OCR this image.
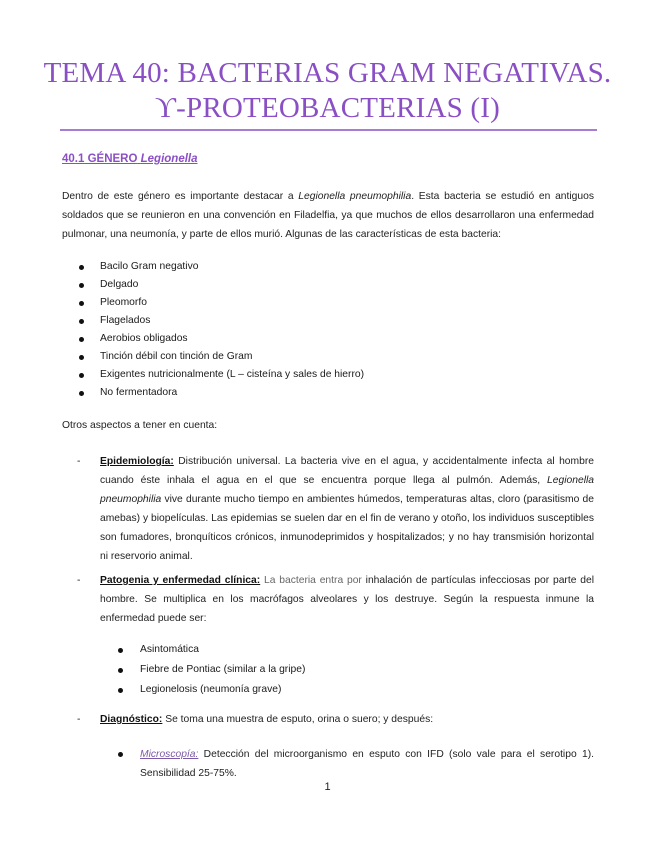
TEMA 40: BACTERIAS GRAM NEGATIVAS.
ϒ-PROTEOBACTERIAS (I)
40.1 GÉNERO Legionella
Dentro de este género es importante destacar a Legionella pneumophilia. Esta bacteria se estudió en antiguos soldados que se reunieron en una convención en Filadelfia, ya que muchos de ellos desarrollaron una enfermedad pulmonar, una neumonía, y parte de ellos murió. Algunas de las características de esta bacteria:
Bacilo Gram negativo
Delgado
Pleomorfo
Flagelados
Aerobios obligados
Tinción débil con tinción de Gram
Exigentes nutricionalmente (L – cisteína y sales de hierro)
No fermentadora
Otros aspectos a tener en cuenta:
- Epidemiología: Distribución universal. La bacteria vive en el agua, y accidentalmente infecta al hombre cuando éste inhala el agua en el que se encuentra porque llega al pulmón. Además, Legionella pneumophilia vive durante mucho tiempo en ambientes húmedos, temperaturas altas, cloro (parasitismo de amebas) y biopelículas. Las epidemias se suelen dar en el fin de verano y otoño, los individuos susceptibles son fumadores, bronquíticos crónicos, inmunodeprimidos y hospitalizados; y no hay transmisión horizontal ni reservorio animal.
- Patogenia y enfermedad clínica: La bacteria entra por inhalación de partículas infecciosas por parte del hombre. Se multiplica en los macrófagos alveolares y los destruye. Según la respuesta inmune la enfermedad puede ser:
Asintomática
Fiebre de Pontiac (similar a la gripe)
Legionelosis (neumonía grave)
- Diagnóstico: Se toma una muestra de esputo, orina o suero; y después:
Microscopía: Detección del microorganismo en esputo con IFD (solo vale para el serotipo 1). Sensibilidad 25-75%.
1
